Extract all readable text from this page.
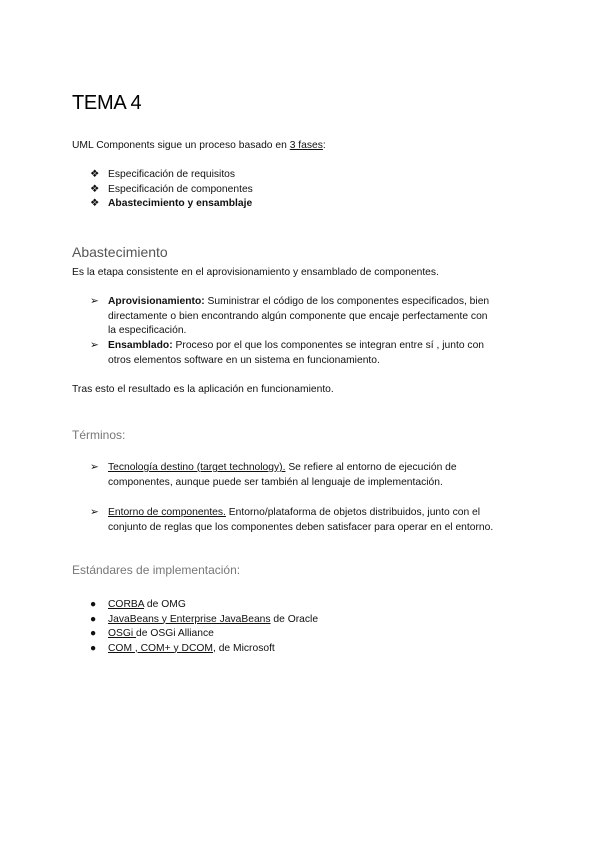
TEMA 4
UML Components sigue un proceso basado en 3 fases:
❖ Especificación de requisitos
❖ Especificación de componentes
❖ Abastecimiento y ensamblaje
Abastecimiento
Es la etapa consistente en el aprovisionamiento y ensamblado de componentes.
➢ Aprovisionamiento: Suministrar el código de los componentes especificados, bien
directamente o bien encontrando algún componente que encaje perfectamente con
la especificación.
➢ Ensamblado: Proceso por el que los componentes se integran entre sí , junto con
otros elementos software en un sistema en funcionamiento.
Tras esto el resultado es la aplicación en funcionamiento.
Términos:
➢ Tecnología destino (target technology). Se refiere al entorno de ejecución de
componentes, aunque puede ser también al lenguaje de implementación.
➢ Entorno de componentes. Entorno/plataforma de objetos distribuidos, junto con el
conjunto de reglas que los componentes deben satisfacer para operar en el entorno.
Estándares de implementación:
●	CORBA de OMG
●	JavaBeans y Enterprise JavaBeans de Oracle
●	OSGi de OSGi Alliance
●	COM , COM+ y DCOM, de Microsoft
